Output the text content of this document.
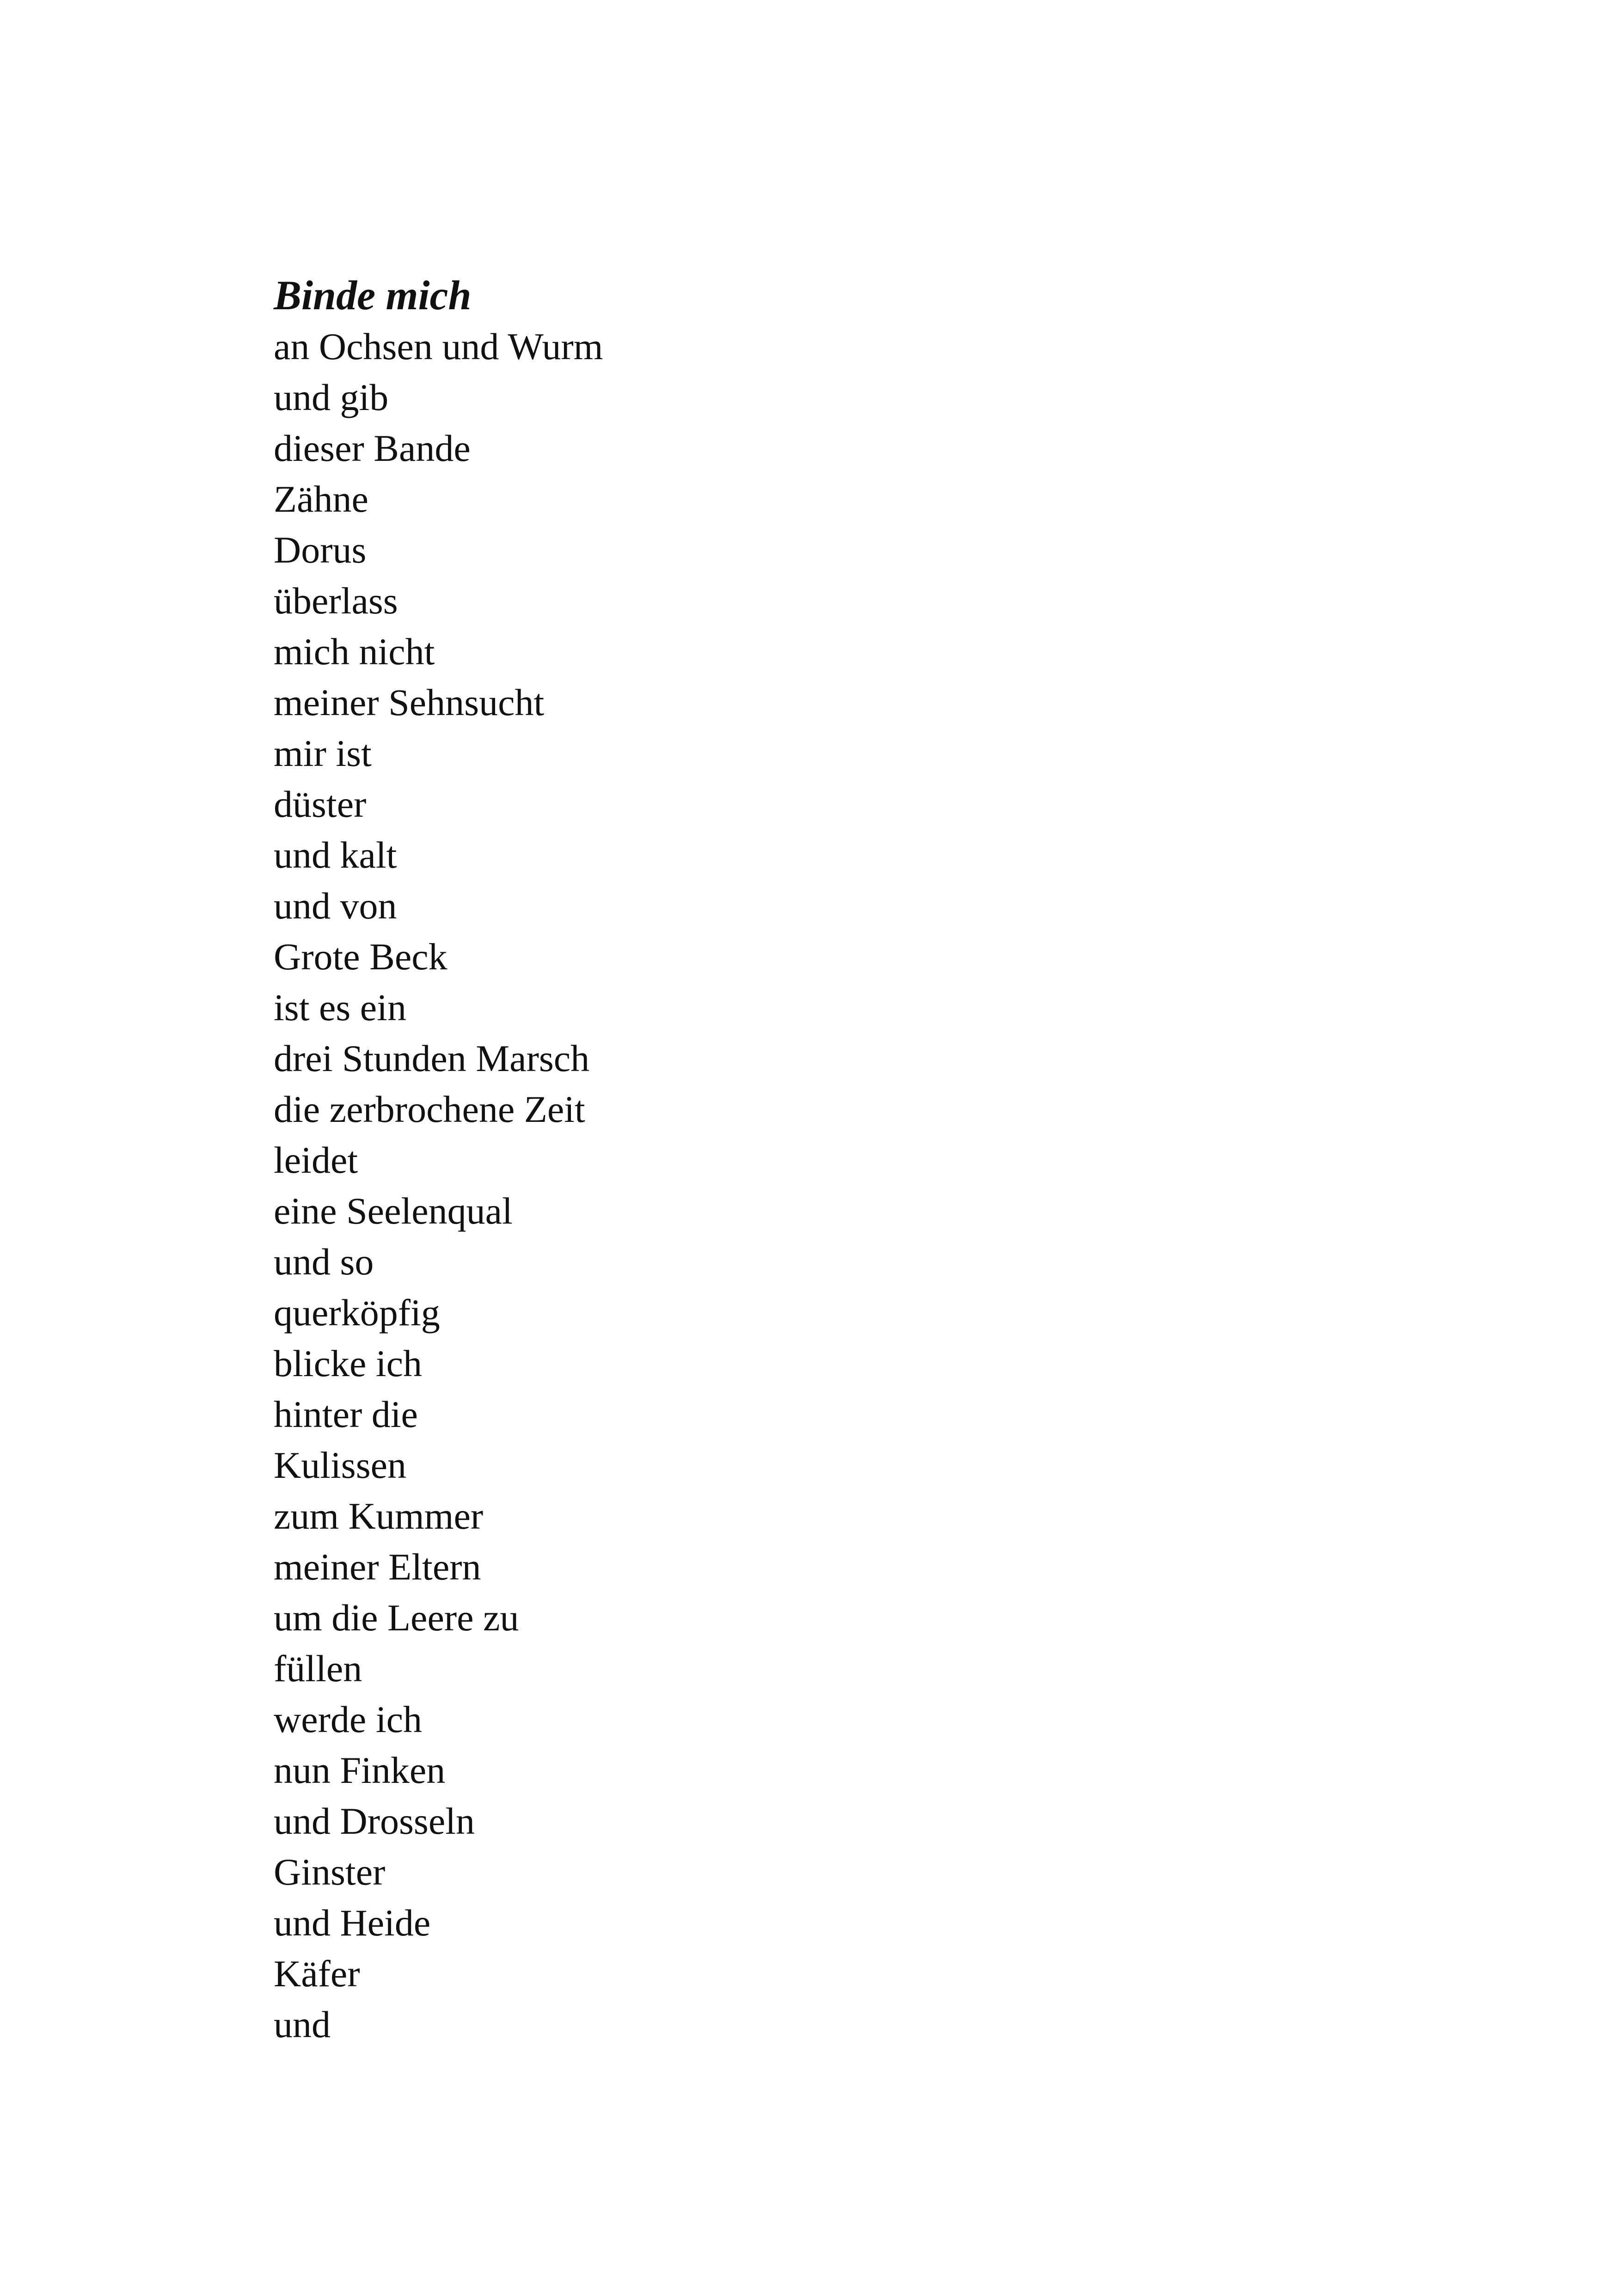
Binde mich
an Ochsen und Wurm
und gib
dieser Bande
Zähne
Dorus
überlass
mich nicht
meiner Sehnsucht
mir ist
düster
und kalt
und von
Grote Beck
ist es ein
drei Stunden Marsch
die zerbrochene Zeit
leidet
eine Seelenqual
und so
querköpfig
blicke ich
hinter die
Kulissen
zum Kummer
meiner Eltern
um die Leere zu
füllen
werde ich
nun Finken
und Drosseln
Ginster
und Heide
Käfer
und
